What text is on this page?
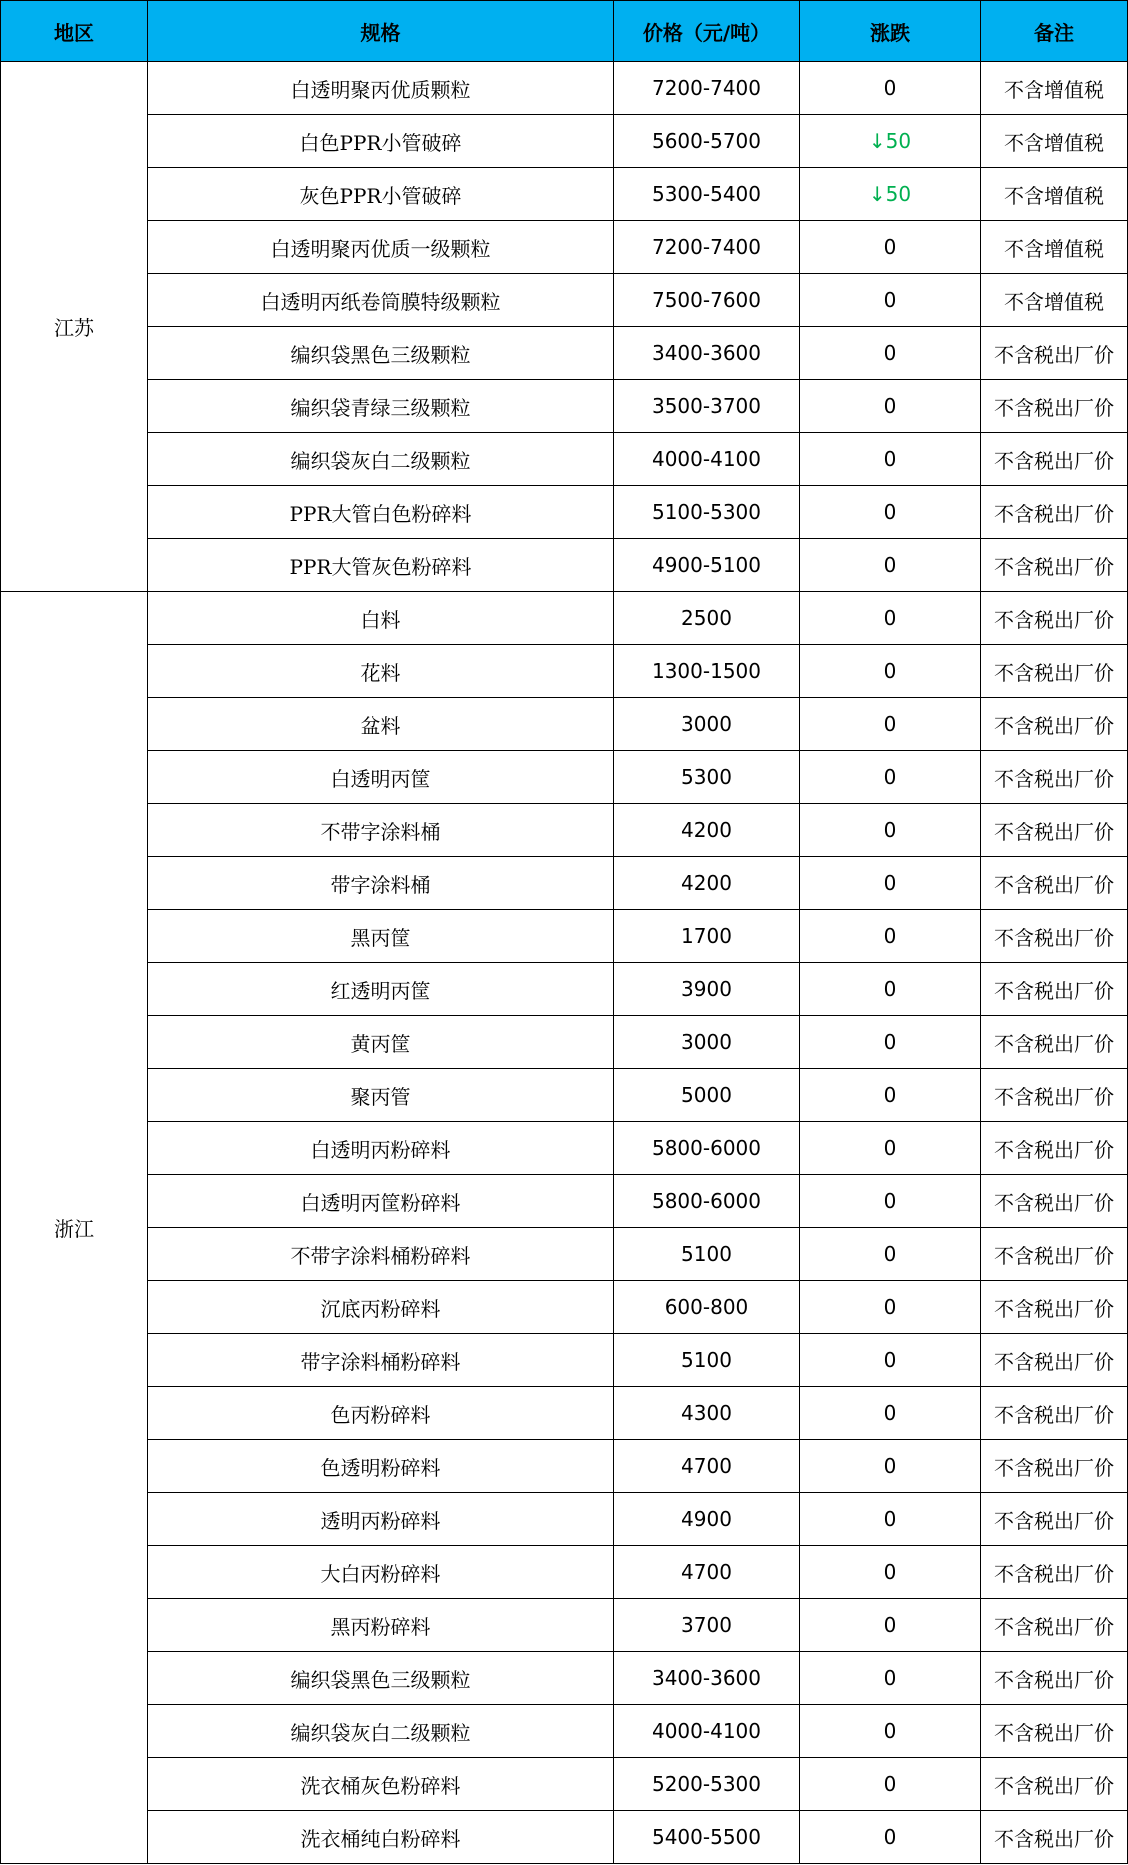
地区	规格	价格（元/吨）	涨跌	备注
江苏	白透明聚丙优质颗粒	7200-7400	0	不含增值税
	白色PPR小管破碎	5600-5700	↓50	不含增值税
	灰色PPR小管破碎	5300-5400	↓50	不含增值税
	白透明聚丙优质一级颗粒	7200-7400	0	不含增值税
	白透明丙纸卷筒膜特级颗粒	7500-7600	0	不含增值税
	编织袋黑色三级颗粒	3400-3600	0	不含税出厂价
	编织袋青绿三级颗粒	3500-3700	0	不含税出厂价
	编织袋灰白二级颗粒	4000-4100	0	不含税出厂价
	PPR大管白色粉碎料	5100-5300	0	不含税出厂价
	PPR大管灰色粉碎料	4900-5100	0	不含税出厂价
浙江	白料	2500	0	不含税出厂价
	花料	1300-1500	0	不含税出厂价
	盆料	3000	0	不含税出厂价
	白透明丙筐	5300	0	不含税出厂价
	不带字涂料桶	4200	0	不含税出厂价
	带字涂料桶	4200	0	不含税出厂价
	黑丙筐	1700	0	不含税出厂价
	红透明丙筐	3900	0	不含税出厂价
	黄丙筐	3000	0	不含税出厂价
	聚丙管	5000	0	不含税出厂价
	白透明丙粉碎料	5800-6000	0	不含税出厂价
	白透明丙筐粉碎料	5800-6000	0	不含税出厂价
	不带字涂料桶粉碎料	5100	0	不含税出厂价
	沉底丙粉碎料	600-800	0	不含税出厂价
	带字涂料桶粉碎料	5100	0	不含税出厂价
	色丙粉碎料	4300	0	不含税出厂价
	色透明粉碎料	4700	0	不含税出厂价
	透明丙粉碎料	4900	0	不含税出厂价
	大白丙粉碎料	4700	0	不含税出厂价
	黑丙粉碎料	3700	0	不含税出厂价
	编织袋黑色三级颗粒	3400-3600	0	不含税出厂价
	编织袋灰白二级颗粒	4000-4100	0	不含税出厂价
	洗衣桶灰色粉碎料	5200-5300	0	不含税出厂价
	洗衣桶纯白粉碎料	5400-5500	0	不含税出厂价
